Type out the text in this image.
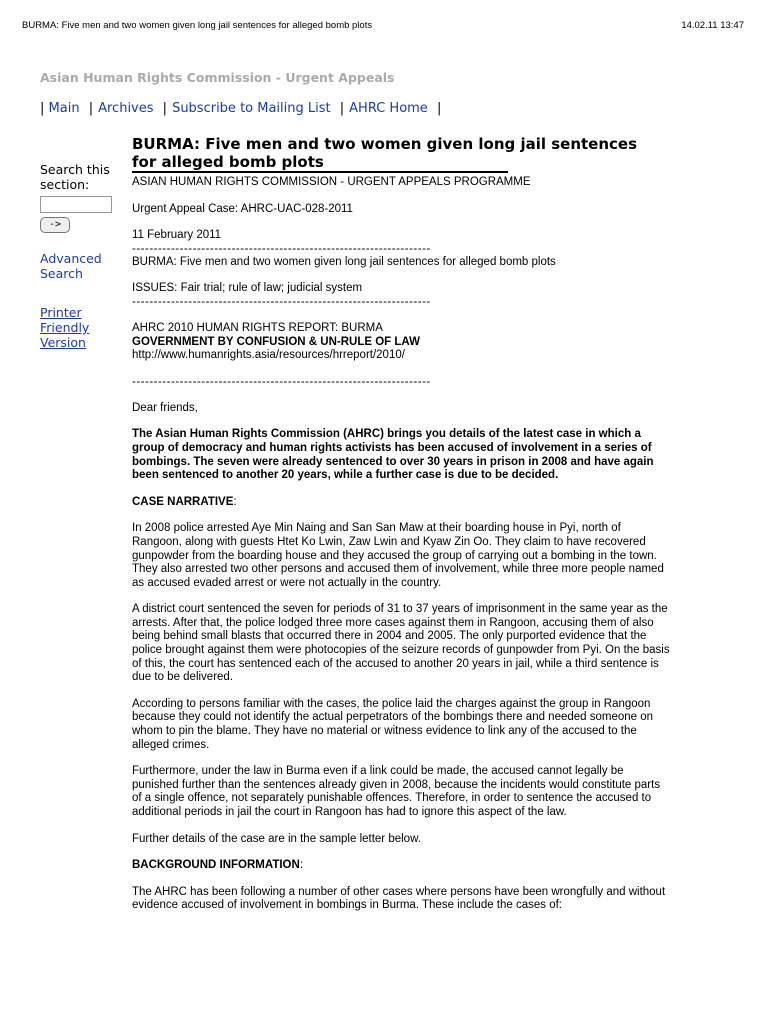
BURMA: Five men and two women given long jail sentences for alleged bomb plots	14.02.11 13:47
Asian Human Rights Commission - Urgent Appeals
| Main | Archives | Subscribe to Mailing List | AHRC Home |
Search this section:
->
Advanced Search
Printer Friendly Version
BURMA: Five men and two women given long jail sentences for alleged bomb plots

ASIAN HUMAN RIGHTS COMMISSION - URGENT APPEALS PROGRAMME

Urgent Appeal Case: AHRC-UAC-028-2011

11 February 2011
---------------------------------------------------------------------

BURMA: Five men and two women given long jail sentences for alleged bomb plots

ISSUES: Fair trial; rule of law; judicial system
---------------------------------------------------------------------
AHRC 2010 HUMAN RIGHTS REPORT: BURMA
GOVERNMENT BY CONFUSION & UN-RULE OF LAW
http://www.humanrights.asia/resources/hrreport/2010/
---------------------------------------------------------------------

Dear friends,

The Asian Human Rights Commission (AHRC) brings you details of the latest case in which a group of democracy and human rights activists has been accused of involvement in a series of bombings. The seven were already sentenced to over 30 years in prison in 2008 and have again been sentenced to another 20 years, while a further case is due to be decided.

CASE NARRATIVE:

In 2008 police arrested Aye Min Naing and San San Maw at their boarding house in Pyi, north of Rangoon, along with guests Htet Ko Lwin, Zaw Lwin and Kyaw Zin Oo. They claim to have recovered gunpowder from the boarding house and they accused the group of carrying out a bombing in the town. They also arrested two other persons and accused them of involvement, while three more people named as accused evaded arrest or were not actually in the country.

A district court sentenced the seven for periods of 31 to 37 years of imprisonment in the same year as the arrests. After that, the police lodged three more cases against them in Rangoon, accusing them of also being behind small blasts that occurred there in 2004 and 2005. The only purported evidence that the police brought against them were photocopies of the seizure records of gunpowder from Pyi. On the basis of this, the court has sentenced each of the accused to another 20 years in jail, while a third sentence is due to be delivered.

According to persons familiar with the cases, the police laid the charges against the group in Rangoon because they could not identify the actual perpetrators of the bombings there and needed someone on whom to pin the blame. They have no material or witness evidence to link any of the accused to the alleged crimes.

Furthermore, under the law in Burma even if a link could be made, the accused cannot legally be punished further than the sentences already given in 2008, because the incidents would constitute parts of a single offence, not separately punishable offences. Therefore, in order to sentence the accused to additional periods in jail the court in Rangoon has had to ignore this aspect of the law.

Further details of the case are in the sample letter below.

BACKGROUND INFORMATION:

The AHRC has been following a number of other cases where persons have been wrongfully and without evidence accused of involvement in bombings in Burma. These include the cases of:
